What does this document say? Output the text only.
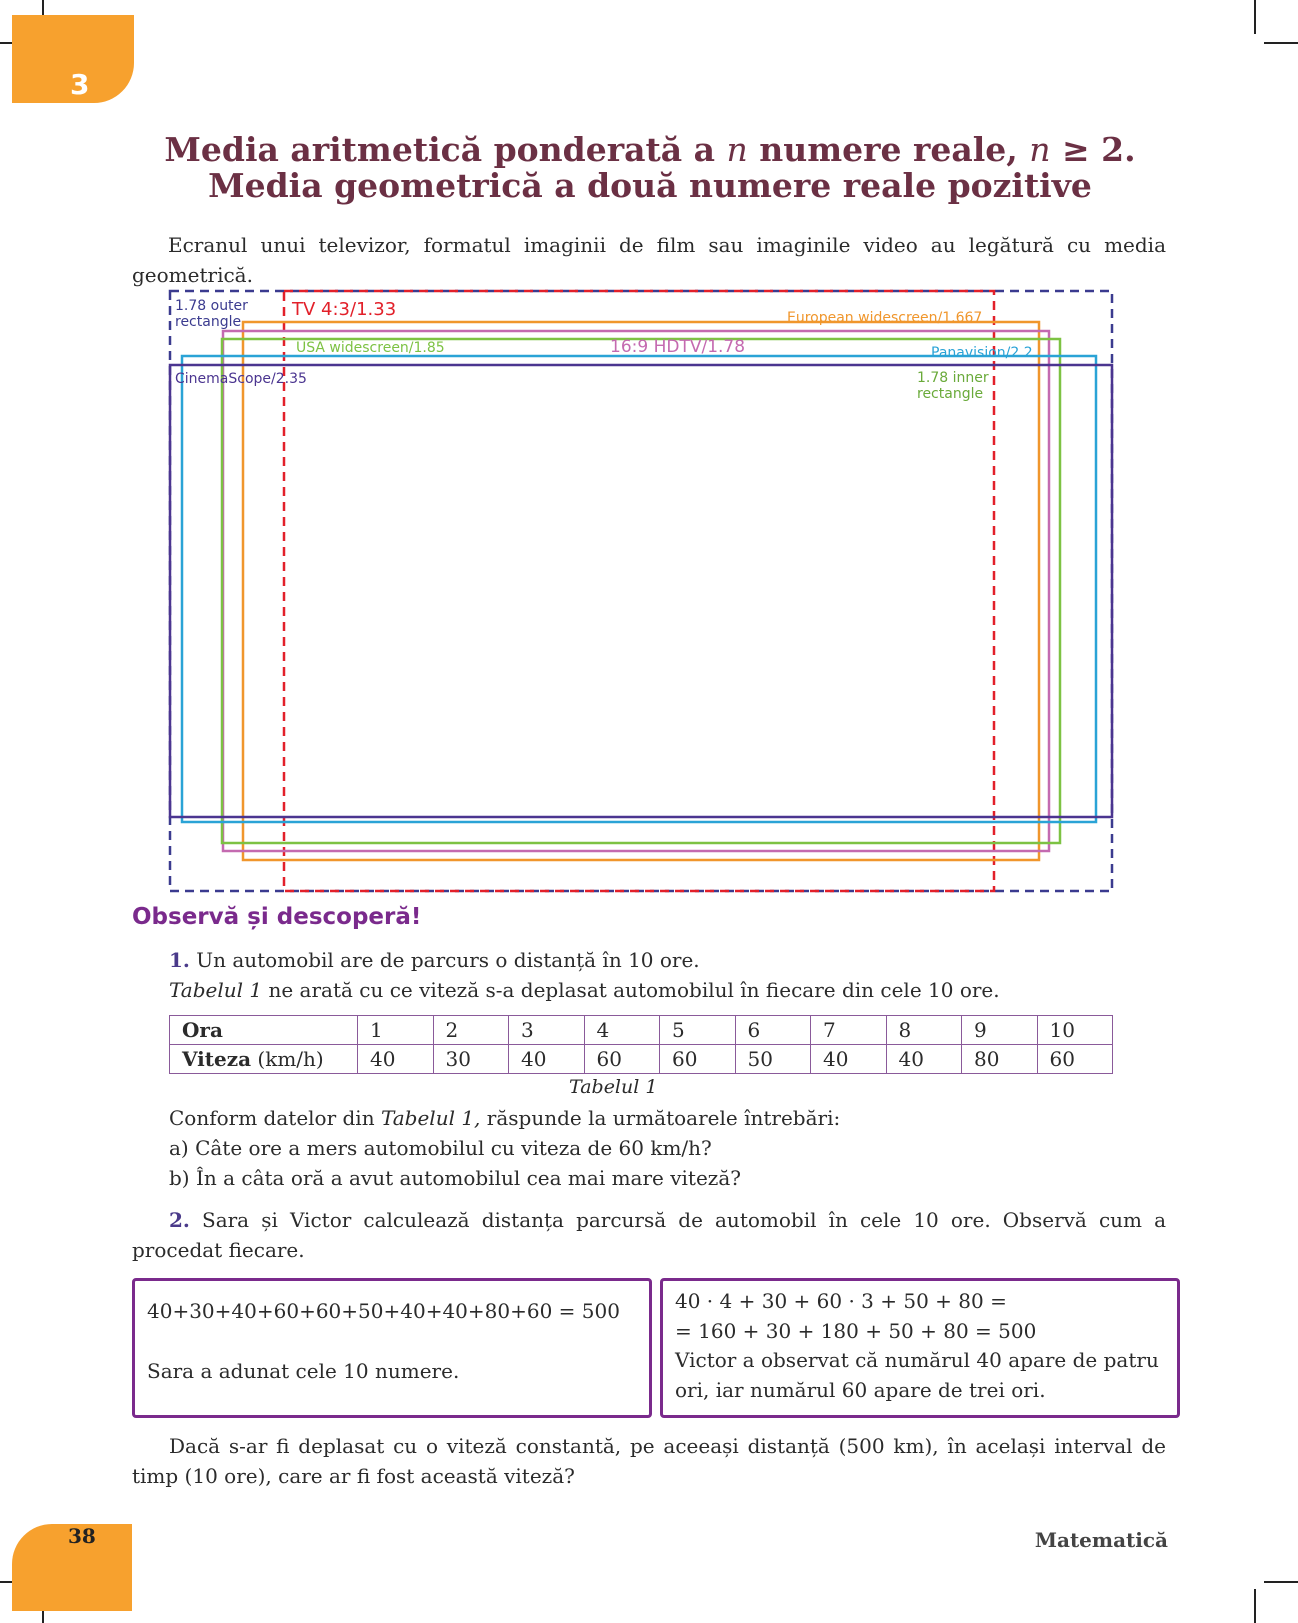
3
Media aritmetică ponderată a n numere reale, n ≥ 2.
Media geometrică a două numere reale pozitive
Ecranul unui televizor, formatul imaginii de film sau imaginile video au legătură cu media geometrică.
1.78 outer
rectangle
TV 4:3/1.33	European widescreen/1.667
USA widescreen/1.85	16:9 HDTV/1.78	Panavision/2.2
CinemaScope/2.35	1.78 inner
rectangle
Observă și descoperă!
1. Un automobil are de parcurs o distanță în 10 ore.
Tabelul 1 ne arată cu ce viteză s-a deplasat automobilul în fiecare din cele 10 ore.
Ora	1	2	3	4	5	6	7	8	9	10
Viteza (km/h)	40	30	40	60	60	50	40	40	80	60
Tabelul 1
Conform datelor din Tabelul 1, răspunde la următoarele întrebări:
a) Câte ore a mers automobilul cu viteza de 60 km/h?
b) În a câta oră a avut automobilul cea mai mare viteză?
2. Sara și Victor calculează distanța parcursă de automobil în cele 10 ore. Observă cum a procedat fiecare.
40+30+40+60+60+50+40+40+80+60 = 500
Sara a adunat cele 10 numere.
40 · 4 + 30 + 60 · 3 + 50 + 80 =
= 160 + 30 + 180 + 50 + 80 = 500
Victor a observat că numărul 40 apare de patru ori, iar numărul 60 apare de trei ori.
Dacă s-ar fi deplasat cu o viteză constantă, pe aceeași distanță (500 km), în același interval de timp (10 ore), care ar fi fost această viteză?
38	Matematică
